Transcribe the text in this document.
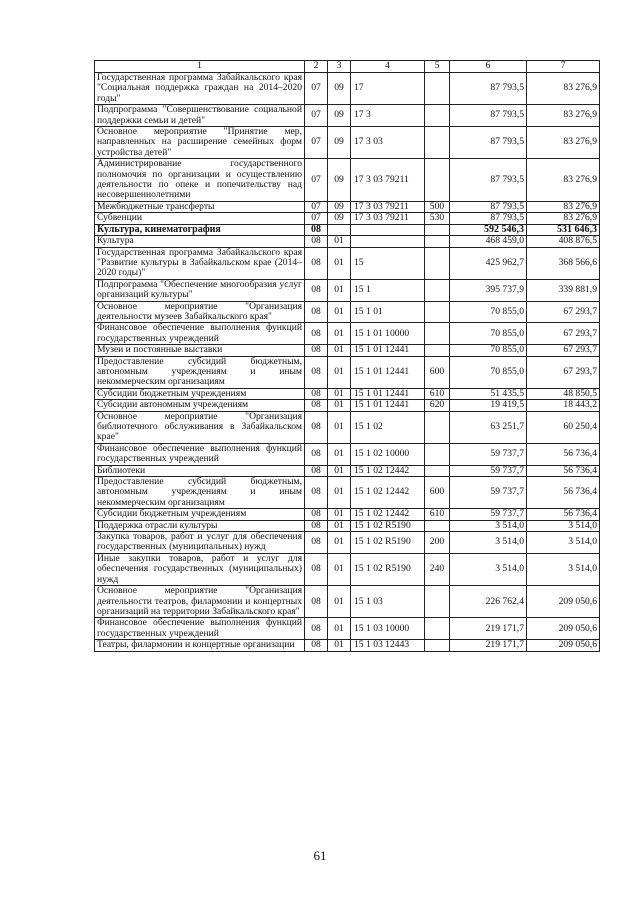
1	2	3	4	5	6	7
Государственная программа Забайкальского края "Социальная поддержка граждан на 2014–2020 годы"	07	09	17		87 793,5	83 276,9
Подпрограмма "Совершенствование социальной поддержки семьи и детей"	07	09	17 3		87 793,5	83 276,9
Основное мероприятие "Принятие мер, направленных на расширение семейных форм устройства детей"	07	09	17 3 03		87 793,5	83 276,9
Администрирование государственного полномочия по организации и осуществлению деятельности по опеке и попечительству над несовершеннолетними	07	09	17 3 03 79211		87 793,5	83 276,9
Межбюджетные трансферты	07	09	17 3 03 79211	500	87 793,5	83 276,9
Субвенции	07	09	17 3 03 79211	530	87 793,5	83 276,9
Культура, кинематография	08				592 546,3	531 646,3
Культура	08	01			468 459,0	408 876,5
Государственная программа Забайкальского края "Развитие культуры в Забайкальском крае (2014–2020 годы)"	08	01	15		425 962,7	368 566,6
Подпрограмма "Обеспечение многообразия услуг организаций культуры"	08	01	15 1		395 737,9	339 881,9
Основное мероприятие "Организация деятельности музеев Забайкальского края"	08	01	15 1 01		70 855,0	67 293,7
Финансовое обеспечение выполнения функций государственных учреждений	08	01	15 1 01 10000		70 855,0	67 293,7
Музеи и постоянные выставки	08	01	15 1 01 12441		70 855,0	67 293,7
Предоставление субсидий бюджетным, автономным учреждениям и иным некоммерческим организациям	08	01	15 1 01 12441	600	70 855,0	67 293,7
Субсидии бюджетным учреждениям	08	01	15 1 01 12441	610	51 435,5	48 850,5
Субсидии автономным учреждениям	08	01	15 1 01 12441	620	19 419,5	18 443,2
Основное мероприятие "Организация библиотечного обслуживания в Забайкальском крае"	08	01	15 1 02		63 251,7	60 250,4
Финансовое обеспечение выполнения функций государственных учреждений	08	01	15 1 02 10000		59 737,7	56 736,4
Библиотеки	08	01	15 1 02 12442		59 737,7	56 736,4
Предоставление субсидий бюджетным, автономным учреждениям и иным некоммерческим организациям	08	01	15 1 02 12442	600	59 737,7	56 736,4
Субсидии бюджетным учреждениям	08	01	15 1 02 12442	610	59 737,7	56 736,4
Поддержка отрасли культуры	08	01	15 1 02 R5190		3 514,0	3 514,0
Закупка товаров, работ и услуг для обеспечения государственных (муниципальных) нужд	08	01	15 1 02 R5190	200	3 514,0	3 514,0
Иные закупки товаров, работ и услуг для обеспечения государственных (муниципальных) нужд	08	01	15 1 02 R5190	240	3 514,0	3 514,0
Основное мероприятие "Организация деятельности театров, филармонии и концертных организаций на территории Забайкальского края"	08	01	15 1 03		226 762,4	209 050,6
Финансовое обеспечение выполнения функций государственных учреждений	08	01	15 1 03 10000		219 171,7	209 050,6
Театры, филармонии и концертные организации	08	01	15 1 03 12443		219 171,7	209 050,6
61
